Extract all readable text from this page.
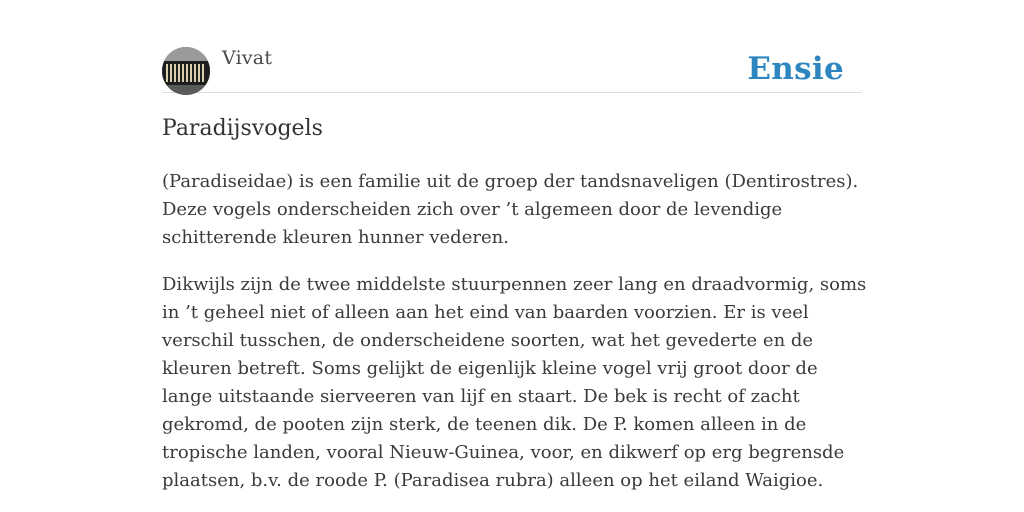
Vivat	Ensie
Paradijsvogels

(Paradiseidae) is een familie uit de groep der tandsnaveligen (Dentirostres). Deze vogels onderscheiden zich over ’t algemeen door de levendige schitterende kleuren hunner vederen.

Dikwijls zijn de twee middelste stuurpennen zeer lang en draadvormig, soms in ’t geheel niet of alleen aan het eind van baarden voorzien. Er is veel verschil tusschen, de onderscheidene soorten, wat het gevederte en de kleuren betreft. Soms gelijkt de eigenlijk kleine vogel vrij groot door de lange uitstaande sierveeren van lijf en staart. De bek is recht of zacht gekromd, de pooten zijn sterk, de teenen dik. De P. komen alleen in de tropische landen, vooral Nieuw-Guinea, voor, en dikwerf op erg begrensde plaatsen, b.v. de roode P. (Paradisea rubra) alleen op het eiland Waigioe.
